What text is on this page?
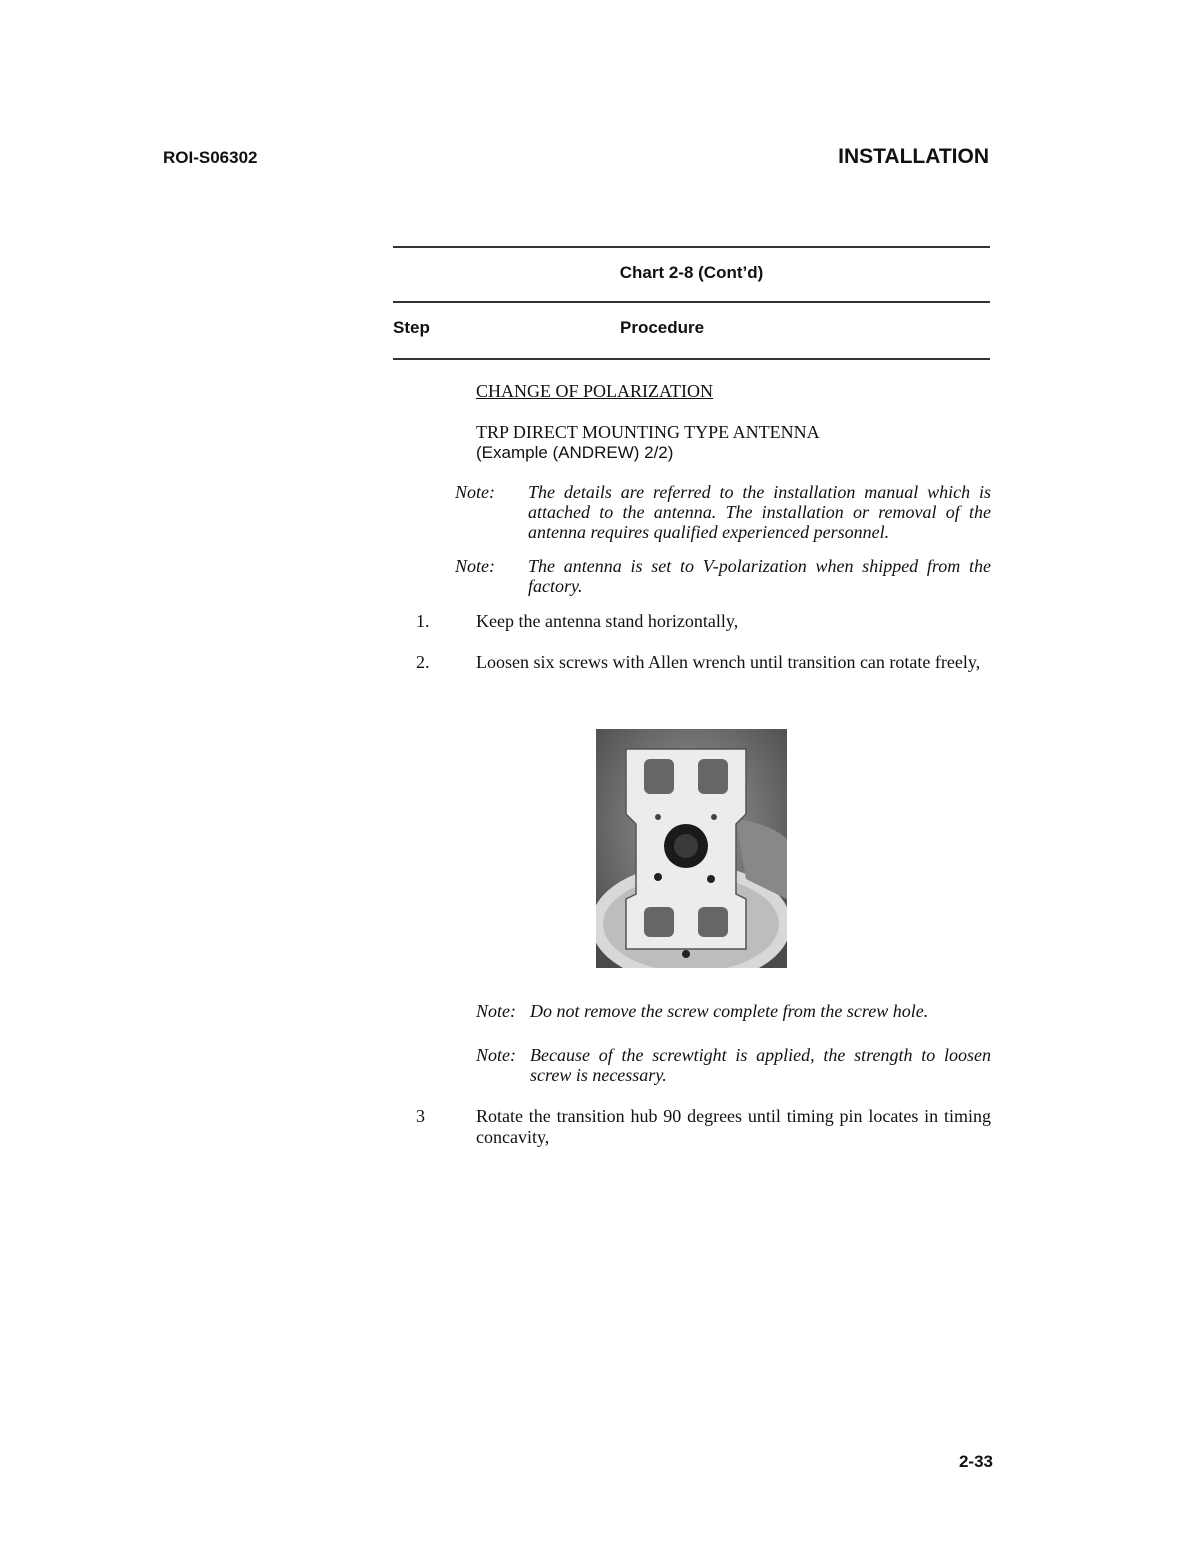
ROI-S06302	INSTALLATION
Chart 2-8 (Cont’d)
Step	Procedure
CHANGE OF POLARIZATION
TRP DIRECT MOUNTING TYPE ANTENNA
(Example (ANDREW) 2/2)
Note: The details are referred to the installation manual which is attached to the antenna. The installation or removal of the antenna requires qualified experienced personnel.
Note: The antenna is set to V-polarization when shipped from the factory.
1.	Keep the antenna stand horizontally,
2.	Loosen six screws with Allen wrench until transition can rotate freely,
Note: Do not remove the screw complete from the screw hole.
Note: Because of the screwtight is applied, the strength to loosen screw is necessary.
3	Rotate the transition hub 90 degrees until timing pin locates in timing concavity,
2-33
